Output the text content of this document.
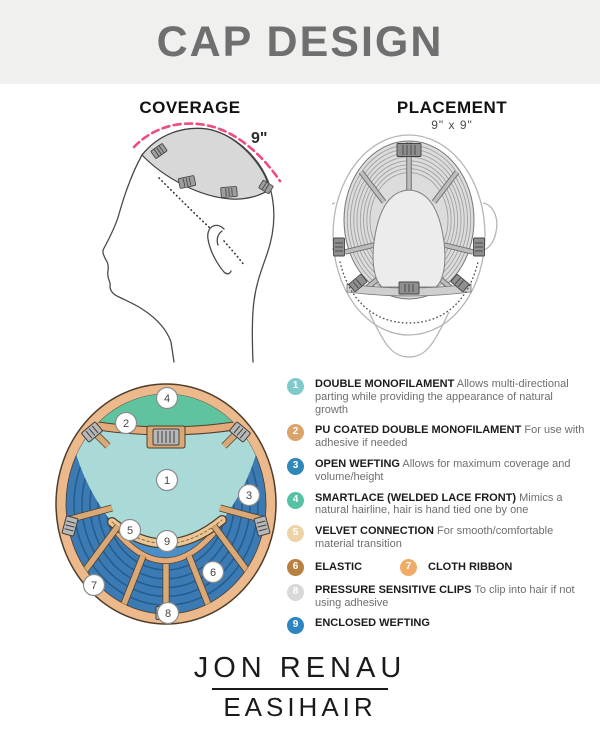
CAP DESIGN
COVERAGE	PLACEMENT
9" x 9"
9"
4
2
1
3
5
9
6
7
8
1	DOUBLE MONOFILAMENT Allows multi-directional parting while providing the appearance of natural growth
2	PU COATED DOUBLE MONOFILAMENT For use with adhesive if needed
3	OPEN WEFTING Allows for maximum coverage and volume/height
4	SMARTLACE (WELDED LACE FRONT) Mimics a natural hairline, hair is hand tied one by one
5	VELVET CONNECTION For smooth/comfortable material transition
6	ELASTIC	7	CLOTH RIBBON
8	PRESSURE SENSITIVE CLIPS To clip into hair if not using adhesive
9	ENCLOSED WEFTING
JON RENAU
EASIHAIR
